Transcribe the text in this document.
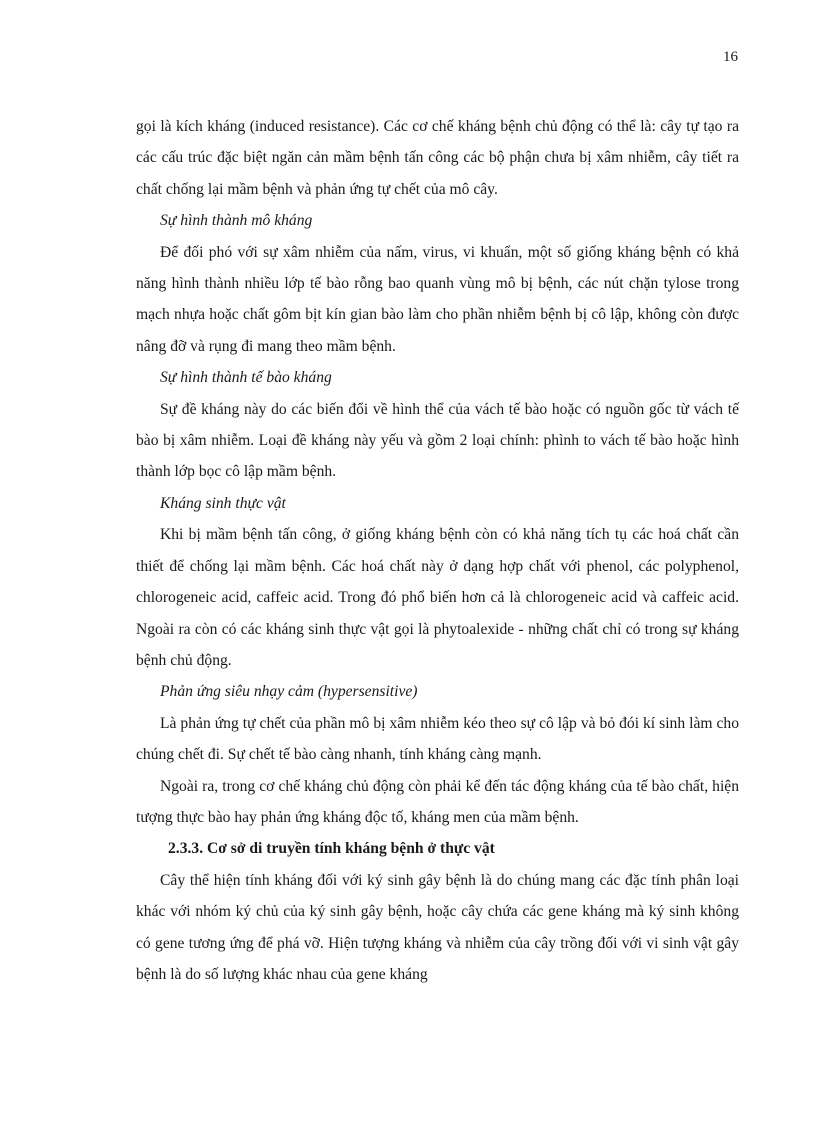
16

gọi là kích kháng (induced resistance). Các cơ chế kháng bệnh chủ động có thể là: cây tự tạo ra các cấu trúc đặc biệt ngăn cản mầm bệnh tấn công các bộ phận chưa bị xâm nhiễm, cây tiết ra chất chống lại mầm bệnh và phản ứng tự chết của mô cây.

Sự hình thành mô kháng

Để đối phó với sự xâm nhiễm của nấm, virus, vi khuẩn, một số giống kháng bệnh có khả năng hình thành nhiều lớp tế bào rỗng bao quanh vùng mô bị bệnh, các nút chặn tylose trong mạch nhựa hoặc chất gôm bịt kín gian bào làm cho phần nhiễm bệnh bị cô lập, không còn được nâng đỡ và rụng đi mang theo mầm bệnh.

Sự hình thành tế bào kháng

Sự đề kháng này do các biến đổi về hình thể của vách tế bào hoặc có nguồn gốc từ vách tế bào bị xâm nhiễm. Loại đề kháng này yếu và gồm 2 loại chính: phình to vách tế bào hoặc hình thành lớp bọc cô lập mầm bệnh.

Kháng sinh thực vật

Khi bị mầm bệnh tấn công, ở giống kháng bệnh còn có khả năng tích tụ các hoá chất cần thiết để chống lại mầm bệnh. Các hoá chất này ở dạng hợp chất với phenol, các polyphenol, chlorogeneic acid, caffeic acid. Trong đó phổ biến hơn cả là chlorogeneic acid và caffeic acid. Ngoài ra còn có các kháng sinh thực vật gọi là phytoalexide - những chất chỉ có trong sự kháng bệnh chủ động.

Phản ứng siêu nhạy cảm (hypersensitive)

Là phản ứng tự chết của phần mô bị xâm nhiễm kéo theo sự cô lập và bỏ đói kí sinh làm cho chúng chết đi. Sự chết tế bào càng nhanh, tính kháng càng mạnh.

Ngoài ra, trong cơ chế kháng chủ động còn phải kể đến tác động kháng của tế bào chất, hiện tượng thực bào hay phản ứng kháng độc tố, kháng men của mầm bệnh.

2.3.3. Cơ sở di truyền tính kháng bệnh ở thực vật

Cây thể hiện tính kháng đối với ký sinh gây bệnh là do chúng mang các đặc tính phân loại khác với nhóm ký chủ của ký sinh gây bệnh, hoặc cây chứa các gene kháng mà ký sinh không có gene tương ứng để phá vỡ. Hiện tượng kháng và nhiễm của cây trồng đối với vi sinh vật gây bệnh là do số lượng khác nhau của gene kháng
